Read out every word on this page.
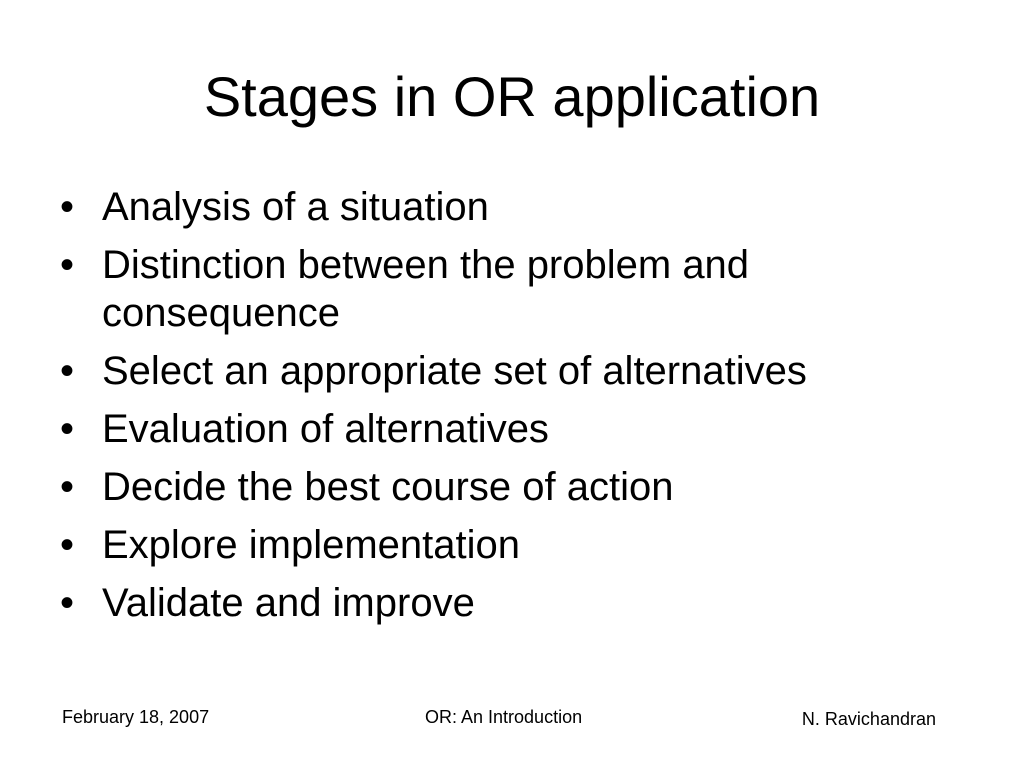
Stages in OR application
• Analysis of a situation
• Distinction between the problem and consequence
• Select an appropriate set of alternatives
• Evaluation of alternatives
• Decide the best course of action
• Explore implementation
• Validate and improve
February 18, 2007	OR: An Introduction	N. Ravichandran
